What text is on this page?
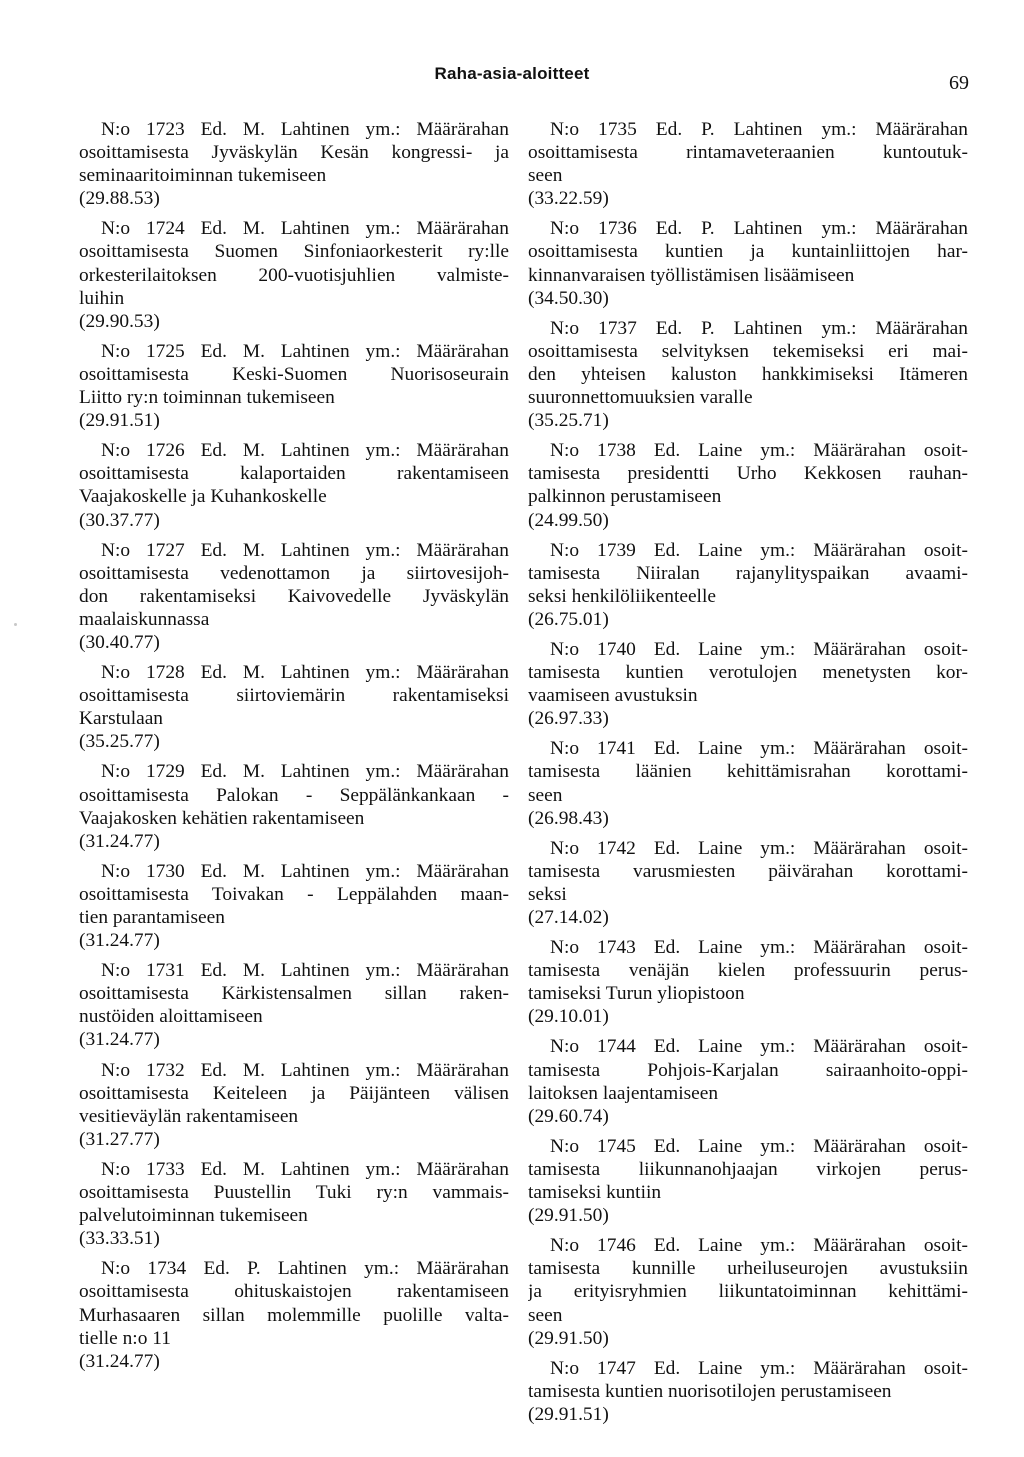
Raha-asia-aloitteet	69
N:o 1723 Ed. M. Lahtinen ym.: Määrärahan
osoittamisesta Jyväskylän Kesän kongressi- ja
seminaaritoiminnan tukemiseen
(29.88.53)
N:o 1724 Ed. M. Lahtinen ym.: Määrärahan
osoittamisesta Suomen Sinfoniaorkesterit ry:lle
orkesterilaitoksen 200-vuotisjuhlien valmiste-
luihin
(29.90.53)
N:o 1725 Ed. M. Lahtinen ym.: Määrärahan
osoittamisesta Keski-Suomen Nuorisoseurain
Liitto ry:n toiminnan tukemiseen
(29.91.51)
N:o 1726 Ed. M. Lahtinen ym.: Määrärahan
osoittamisesta kalaportaiden rakentamiseen
Vaajakoskelle ja Kuhankoskelle
(30.37.77)
N:o 1727 Ed. M. Lahtinen ym.: Määrärahan
osoittamisesta vedenottamon ja siirtovesijoh-
don rakentamiseksi Kaivovedelle Jyväskylän
maalaiskunnassa
(30.40.77)
N:o 1728 Ed. M. Lahtinen ym.: Määrärahan
osoittamisesta siirtoviemärin rakentamiseksi
Karstulaan
(35.25.77)
N:o 1729 Ed. M. Lahtinen ym.: Määrärahan
osoittamisesta Palokan - Seppälänkankaan -
Vaajakosken kehätien rakentamiseen
(31.24.77)
N:o 1730 Ed. M. Lahtinen ym.: Määrärahan
osoittamisesta Toivakan - Leppälahden maan-
tien parantamiseen
(31.24.77)
N:o 1731 Ed. M. Lahtinen ym.: Määrärahan
osoittamisesta Kärkistensalmen sillan raken-
nustöiden aloittamiseen
(31.24.77)
N:o 1732 Ed. M. Lahtinen ym.: Määrärahan
osoittamisesta Keiteleen ja Päijänteen välisen
vesitieväylän rakentamiseen
(31.27.77)
N:o 1733 Ed. M. Lahtinen ym.: Määrärahan
osoittamisesta Puustellin Tuki ry:n vammais-
palvelutoiminnan tukemiseen
(33.33.51)
N:o 1734 Ed. P. Lahtinen ym.: Määrärahan
osoittamisesta ohituskaistojen rakentamiseen
Murhasaaren sillan molemmille puolille valta-
tielle n:o 11
(31.24.77)
N:o 1735 Ed. P. Lahtinen ym.: Määrärahan
osoittamisesta rintamaveteraanien kuntoutuk-
seen
(33.22.59)
N:o 1736 Ed. P. Lahtinen ym.: Määrärahan
osoittamisesta kuntien ja kuntainliittojen har-
kinnanvaraisen työllistämisen lisäämiseen
(34.50.30)
N:o 1737 Ed. P. Lahtinen ym.: Määrärahan
osoittamisesta selvityksen tekemiseksi eri mai-
den yhteisen kaluston hankkimiseksi Itämeren
suuronnettomuuksien varalle
(35.25.71)
N:o 1738 Ed. Laine ym.: Määrärahan osoit-
tamisesta presidentti Urho Kekkosen rauhan-
palkinnon perustamiseen
(24.99.50)
N:o 1739 Ed. Laine ym.: Määrärahan osoit-
tamisesta Niiralan rajanylityspaikan avaami-
seksi henkilöliikenteelle
(26.75.01)
N:o 1740 Ed. Laine ym.: Määrärahan osoit-
tamisesta kuntien verotulojen menetysten kor-
vaamiseen avustuksin
(26.97.33)
N:o 1741 Ed. Laine ym.: Määrärahan osoit-
tamisesta läänien kehittämisrahan korottami-
seen
(26.98.43)
N:o 1742 Ed. Laine ym.: Määrärahan osoit-
tamisesta varusmiesten päivärahan korottami-
seksi
(27.14.02)
N:o 1743 Ed. Laine ym.: Määrärahan osoit-
tamisesta venäjän kielen professuurin perus-
tamiseksi Turun yliopistoon
(29.10.01)
N:o 1744 Ed. Laine ym.: Määrärahan osoit-
tamisesta Pohjois-Karjalan sairaanhoito-oppi-
laitoksen laajentamiseen
(29.60.74)
N:o 1745 Ed. Laine ym.: Määrärahan osoit-
tamisesta liikunnanohjaajan virkojen perus-
tamiseksi kuntiin
(29.91.50)
N:o 1746 Ed. Laine ym.: Määrärahan osoit-
tamisesta kunnille urheiluseurojen avustuksiin
ja erityisryhmien liikuntatoiminnan kehittämi-
seen
(29.91.50)
N:o 1747 Ed. Laine ym.: Määrärahan osoit-
tamisesta kuntien nuorisotilojen perustamiseen
(29.91.51)
